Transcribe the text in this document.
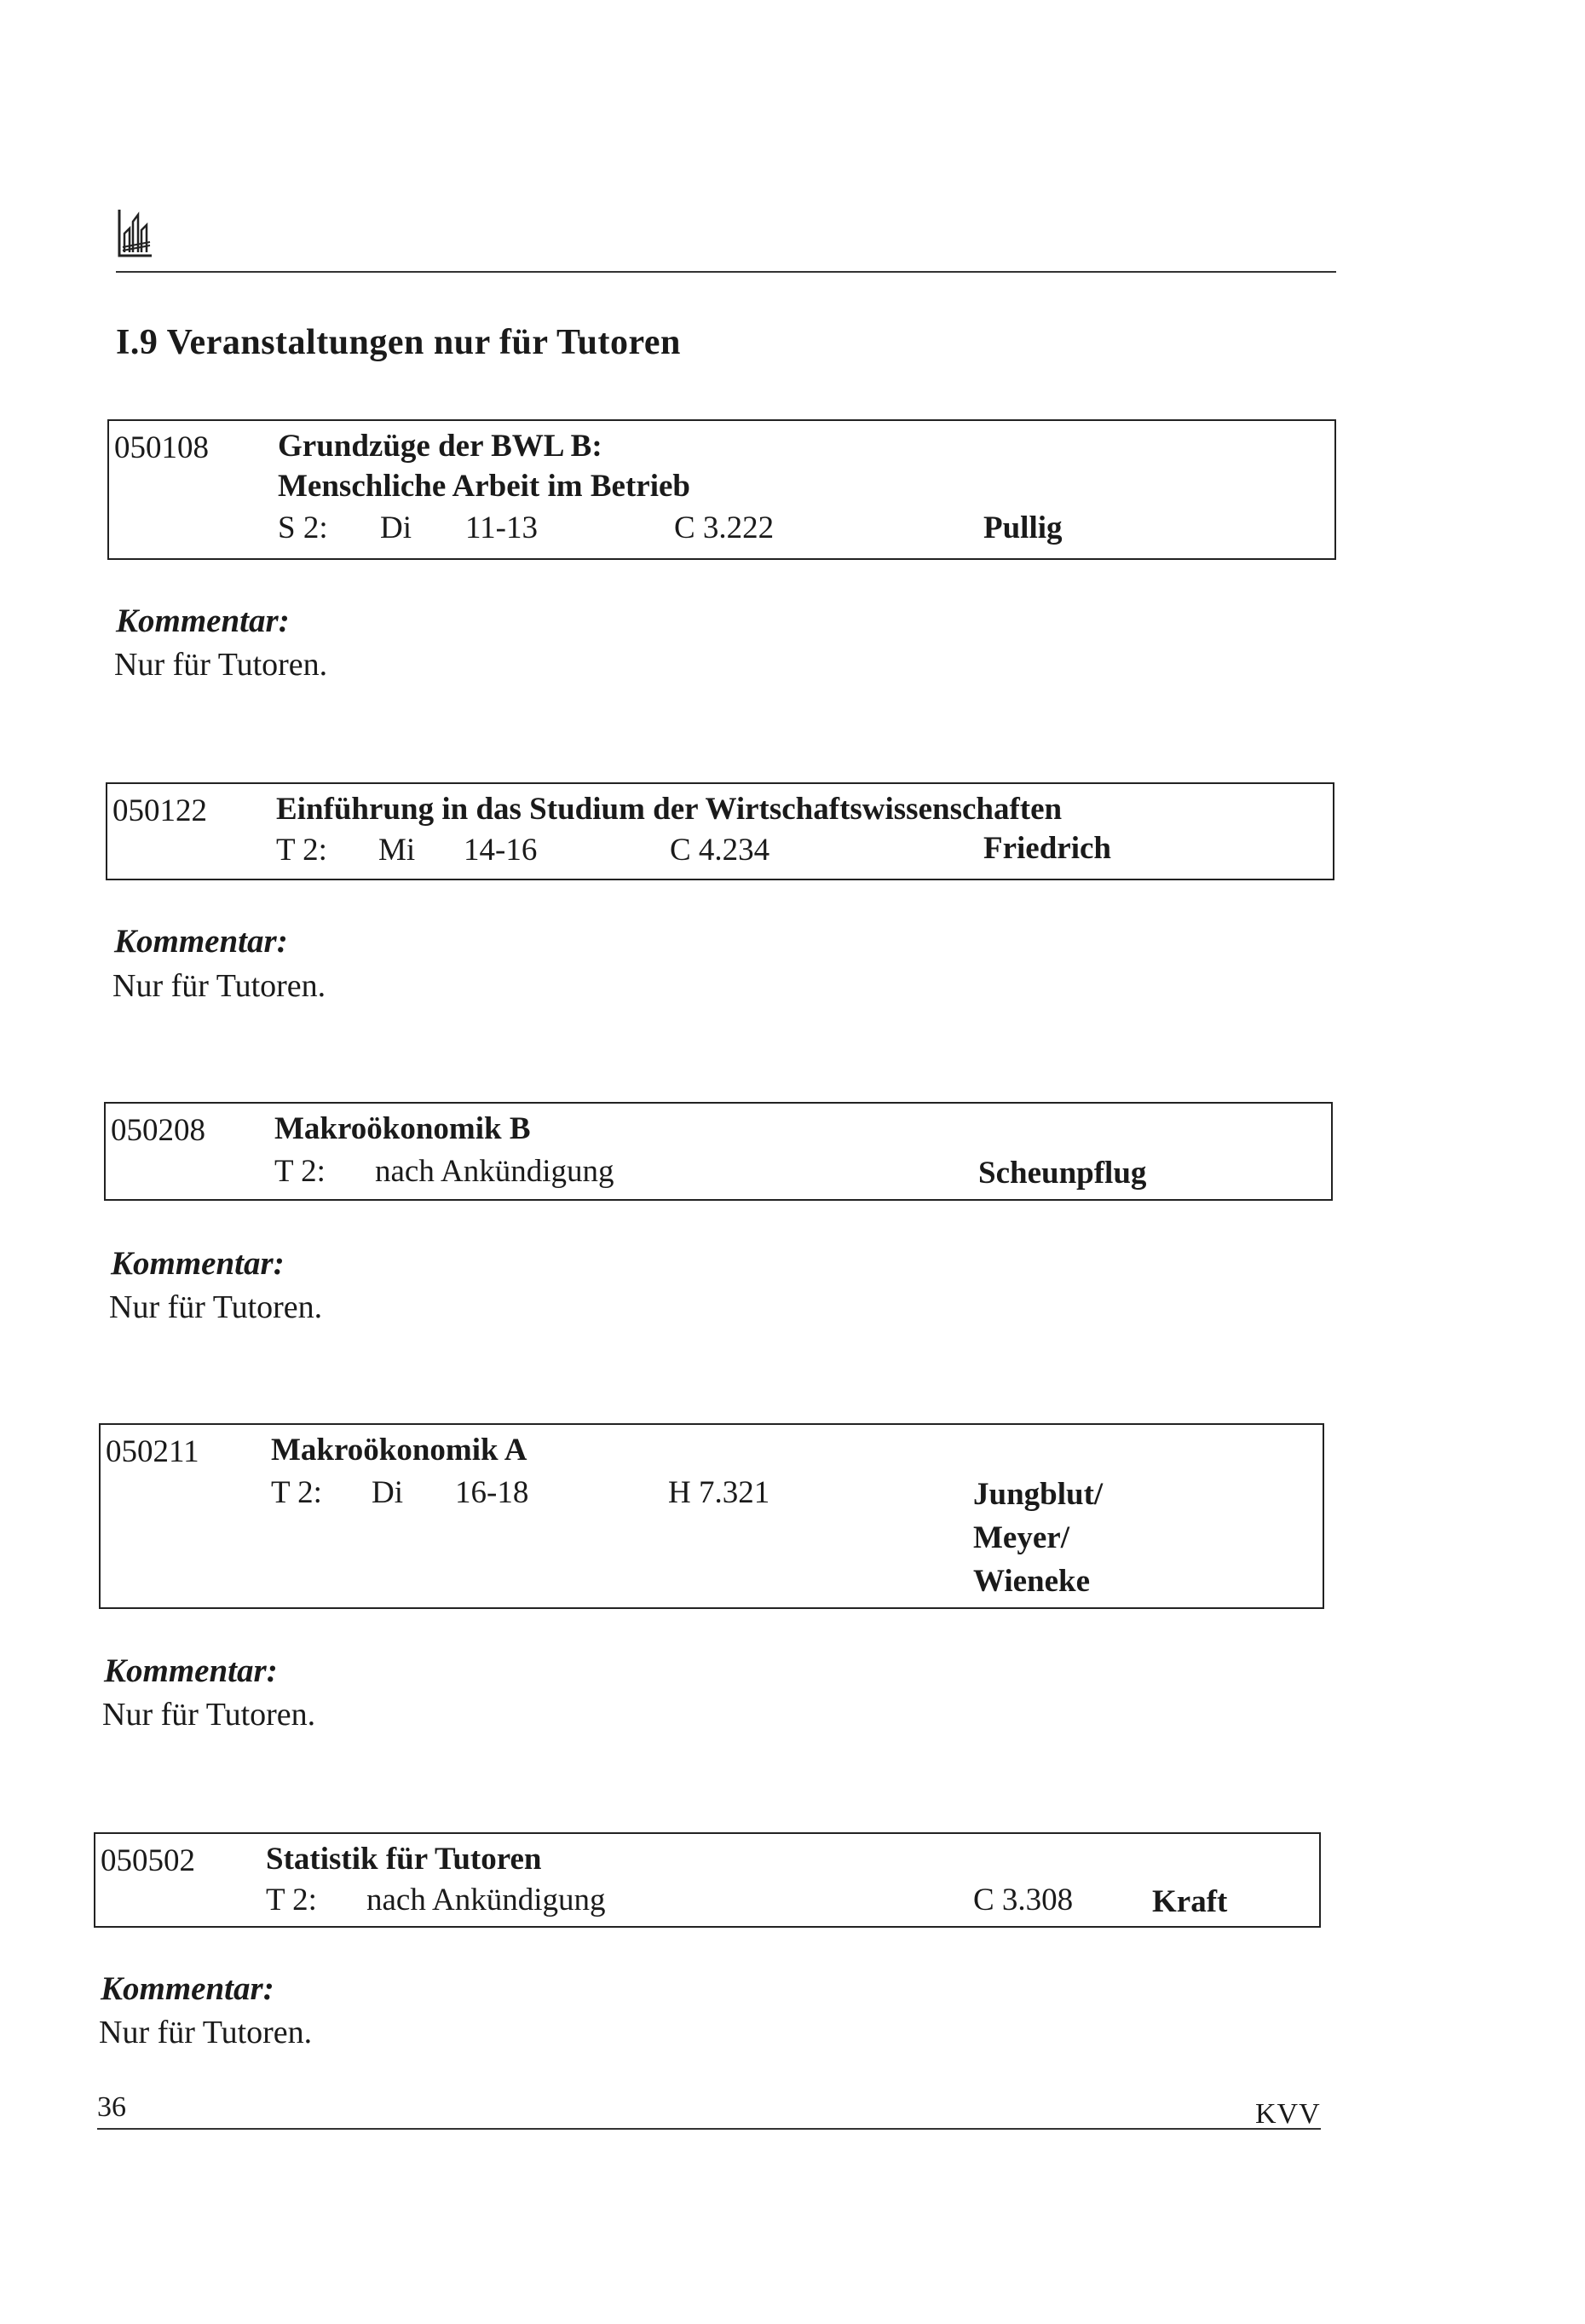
I.9 Veranstaltungen nur für Tutoren
050108 Grundzüge der BWL B:
Menschliche Arbeit im Betrieb
S 2: Di 11-13	C 3.222	Pullig
Kommentar:
Nur für Tutoren.
050122 Einführung in das Studium der Wirtschaftswissenschaften
T 2: Mi 14-16	C 4.234	Friedrich
Kommentar:
Nur für Tutoren.
050208 Makroökonomik B
T 2: nach Ankündigung	Scheunpflug
Kommentar:
Nur für Tutoren.
050211 Makroökonomik A
T 2: Di 16-18	H 7.321	Jungblut/
Meyer/
Wieneke
Kommentar:
Nur für Tutoren.
050502 Statistik für Tutoren
T 2: nach Ankündigung	C 3.308	Kraft
Kommentar:
Nur für Tutoren.
36	KVV
